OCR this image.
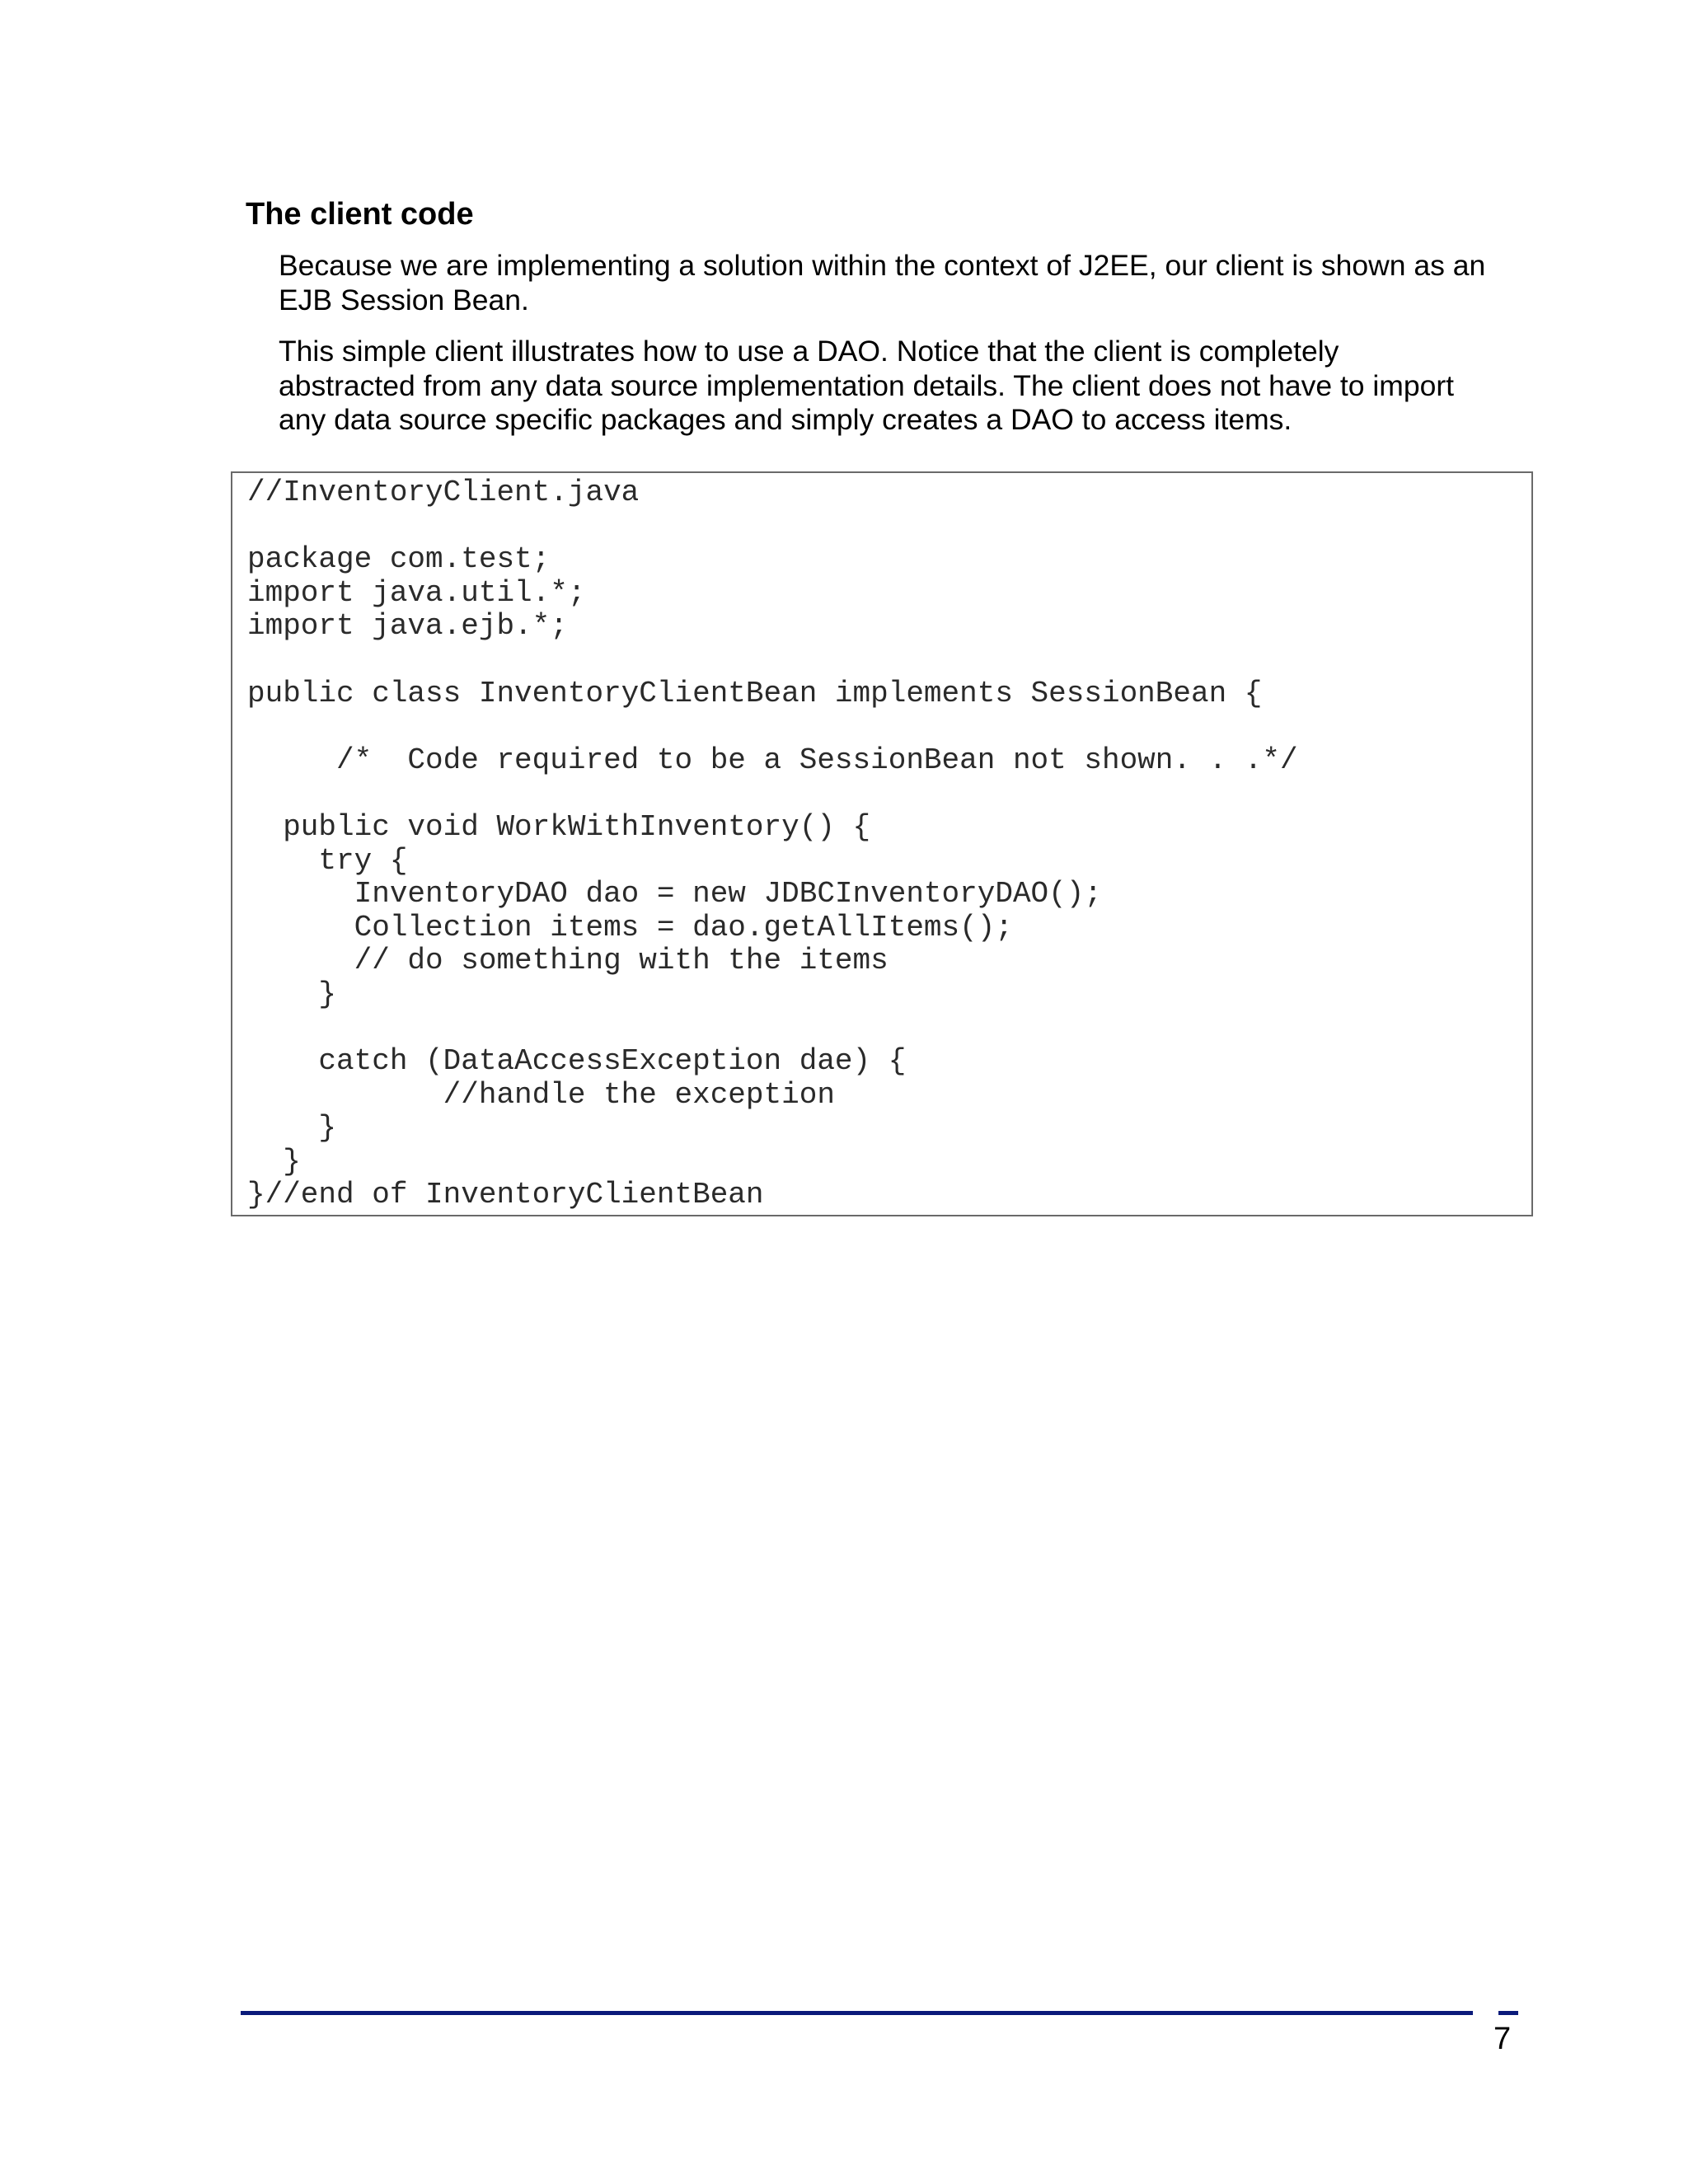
The client code

Because we are implementing a solution within the context of J2EE, our client is shown as an
EJB Session Bean.

This simple client illustrates how to use a DAO. Notice that the client is completely
abstracted from any data source implementation details. The client does not have to import
any data source specific packages and simply creates a DAO to access items.

//InventoryClient.java

package com.test;
import java.util.*;
import java.ejb.*;

public class InventoryClientBean implements SessionBean {

/*  Code required to be a SessionBean not shown. . .*/

public void WorkWithInventory() {
try {
InventoryDAO dao = new JDBCInventoryDAO();
Collection items = dao.getAllItems();
// do something with the items
}

catch (DataAccessException dae) {
//handle the exception
}
}
}//end of InventoryClientBean

7
